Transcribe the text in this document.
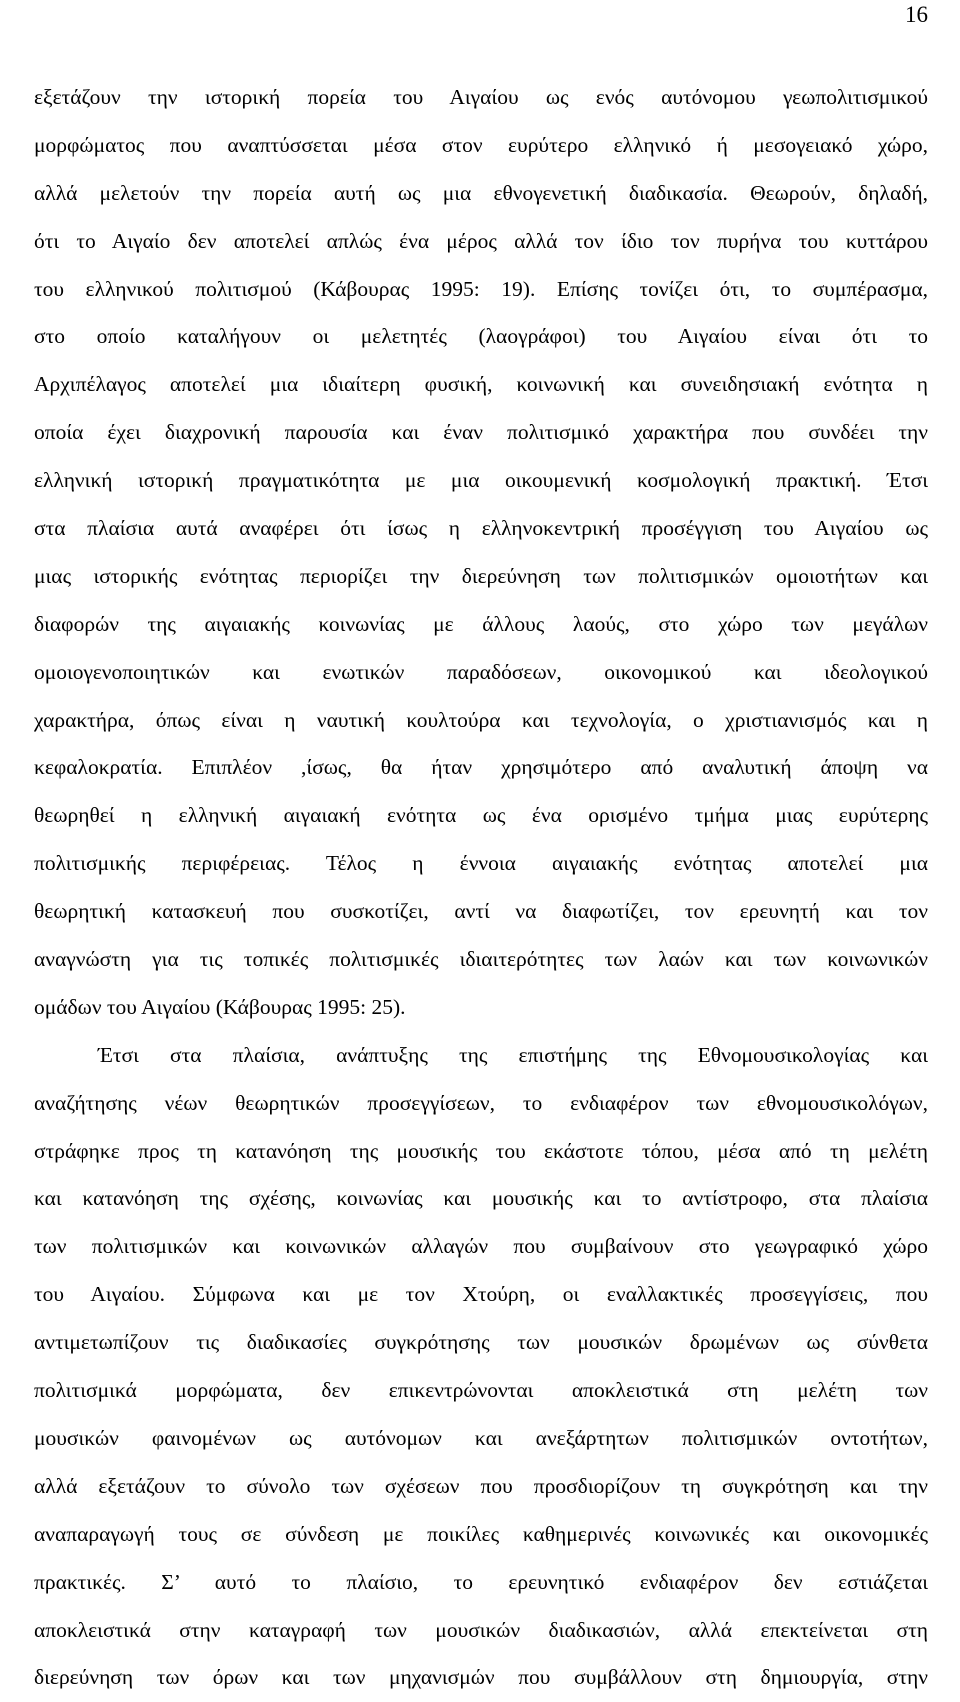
16
εξετάζουν την ιστορική πορεία του Αιγαίου ως ενός αυτόνομου γεωπολιτισμικού
μορφώματος που αναπτύσσεται μέσα στον ευρύτερο ελληνικό ή μεσογειακό χώρο,
αλλά μελετούν την πορεία αυτή ως μια εθνογενετική διαδικασία. Θεωρούν, δηλαδή,
ότι το Αιγαίο δεν αποτελεί απλώς ένα μέρος αλλά τον ίδιο τον πυρήνα του κυττάρου
του ελληνικού πολιτισμού (Κάβουρας 1995: 19). Επίσης τονίζει ότι, το συμπέρασμα,
στο οποίο καταλήγουν οι μελετητές (λαογράφοι) του Αιγαίου είναι ότι το
Αρχιπέλαγος αποτελεί μια ιδιαίτερη φυσική, κοινωνική και συνειδησιακή ενότητα η
οποία έχει διαχρονική παρουσία και έναν πολιτισμικό χαρακτήρα που συνδέει την
ελληνική ιστορική πραγματικότητα με μια οικουμενική κοσμολογική πρακτική. Έτσι
στα πλαίσια αυτά αναφέρει ότι ίσως η ελληνοκεντρική προσέγγιση του Αιγαίου ως
μιας ιστορικής ενότητας περιορίζει την διερεύνηση των πολιτισμικών ομοιοτήτων και
διαφορών της αιγαιακής κοινωνίας με άλλους λαούς, στο χώρο των μεγάλων
ομοιογενοποιητικών και ενωτικών παραδόσεων, οικονομικού και ιδεολογικού
χαρακτήρα, όπως είναι η ναυτική κουλτούρα και τεχνολογία, ο χριστιανισμός και η
κεφαλοκρατία. Επιπλέον ,ίσως, θα ήταν χρησιμότερο από αναλυτική άποψη να
θεωρηθεί η ελληνική αιγαιακή ενότητα ως ένα ορισμένο τμήμα μιας ευρύτερης
πολιτισμικής περιφέρειας. Τέλος η έννοια αιγαιακής ενότητας αποτελεί μια
θεωρητική κατασκευή που συσκοτίζει, αντί να διαφωτίζει, τον ερευνητή και τον
αναγνώστη για τις τοπικές πολιτισμικές ιδιαιτερότητες των λαών και των κοινωνικών
ομάδων του Αιγαίου (Κάβουρας 1995: 25).
Έτσι στα πλαίσια, ανάπτυξης της επιστήμης της Εθνομουσικολογίας και
αναζήτησης νέων θεωρητικών προσεγγίσεων, το ενδιαφέρον των εθνομουσικολόγων,
στράφηκε προς τη κατανόηση της μουσικής του εκάστοτε τόπου, μέσα από τη μελέτη
και κατανόηση της σχέσης, κοινωνίας και μουσικής και το αντίστροφο, στα πλαίσια
των πολιτισμικών και κοινωνικών αλλαγών που συμβαίνουν στο γεωγραφικό χώρο
του Αιγαίου. Σύμφωνα και με τον Χτούρη, οι εναλλακτικές προσεγγίσεις, που
αντιμετωπίζουν τις διαδικασίες συγκρότησης των μουσικών δρωμένων ως σύνθετα
πολιτισμικά μορφώματα, δεν επικεντρώνονται αποκλειστικά στη μελέτη των
μουσικών φαινομένων ως αυτόνομων και ανεξάρτητων πολιτισμικών οντοτήτων,
αλλά εξετάζουν το σύνολο των σχέσεων που προσδιορίζουν τη συγκρότηση και την
αναπαραγωγή τους σε σύνδεση με ποικίλες καθημερινές κοινωνικές και οικονομικές
πρακτικές. Σ’ αυτό το πλαίσιο, το ερευνητικό ενδιαφέρον δεν εστιάζεται
αποκλειστικά στην καταγραφή των μουσικών διαδικασιών, αλλά επεκτείνεται στη
διερεύνηση των όρων και των μηχανισμών που συμβάλλουν στη δημιουργία, στην
